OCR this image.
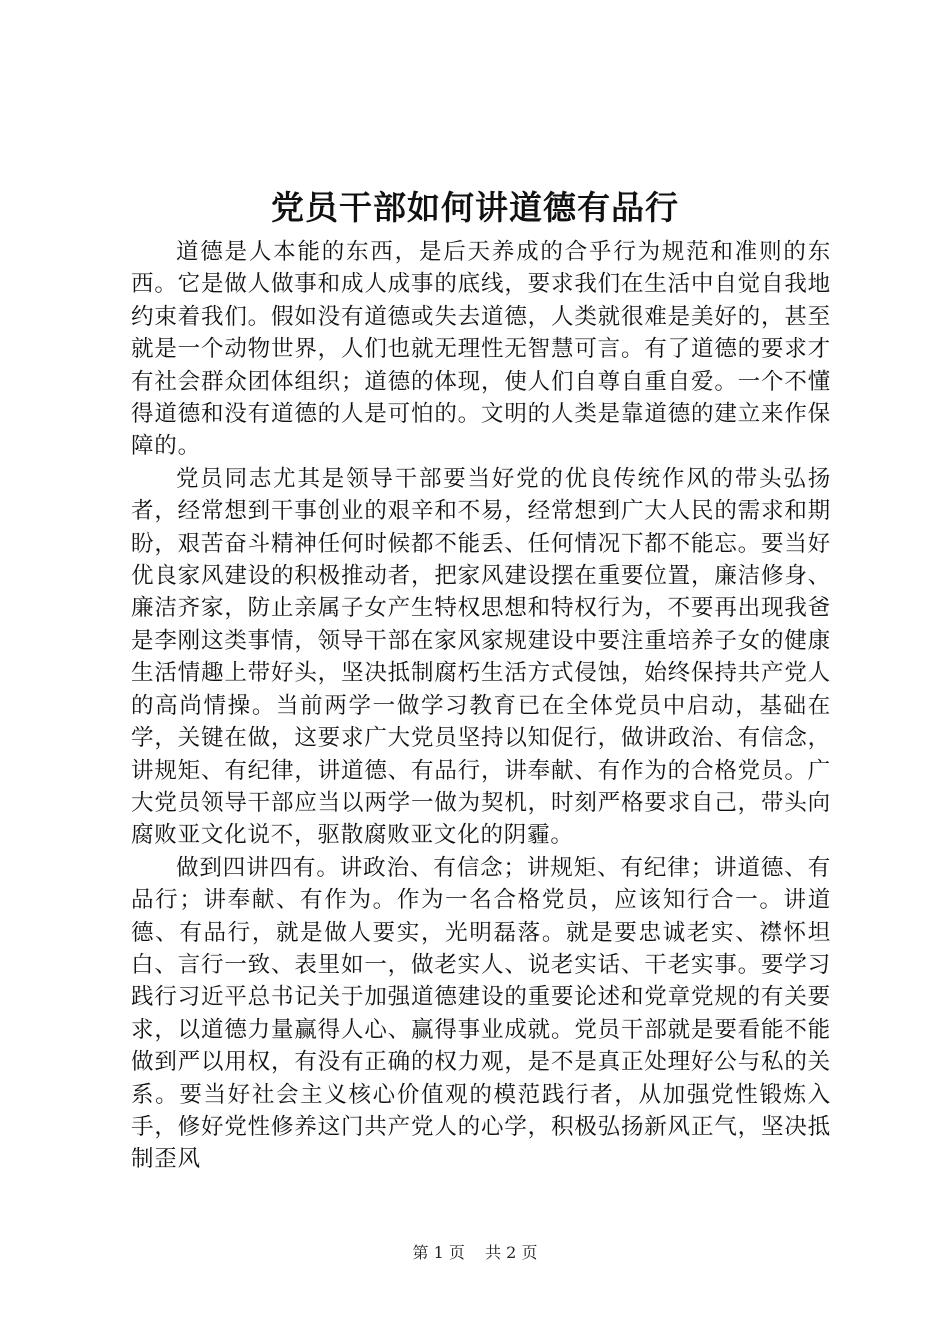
党员干部如何讲道德有品行

道德是人本能的东西，是后天养成的合乎行为规范和准则的东西。它是做人做事和成人成事的底线，要求我们在生活中自觉自我地约束着我们。假如没有道德或失去道德，人类就很难是美好的，甚至就是一个动物世界，人们也就无理性无智慧可言。有了道德的要求才有社会群众团体组织；道德的体现，使人们自尊自重自爱。一个不懂得道德和没有道德的人是可怕的。文明的人类是靠道德的建立来作保障的。

党员同志尤其是领导干部要当好党的优良传统作风的带头弘扬者，经常想到干事创业的艰辛和不易，经常想到广大人民的需求和期盼，艰苦奋斗精神任何时候都不能丢、任何情况下都不能忘。要当好优良家风建设的积极推动者，把家风建设摆在重要位置，廉洁修身、廉洁齐家，防止亲属子女产生特权思想和特权行为，不要再出现我爸是李刚这类事情，领导干部在家风家规建设中要注重培养子女的健康生活情趣上带好头，坚决抵制腐朽生活方式侵蚀，始终保持共产党人的高尚情操。当前两学一做学习教育已在全体党员中启动，基础在学，关键在做，这要求广大党员坚持以知促行，做讲政治、有信念，讲规矩、有纪律，讲道德、有品行，讲奉献、有作为的合格党员。广大党员领导干部应当以两学一做为契机，时刻严格要求自己，带头向腐败亚文化说不，驱散腐败亚文化的阴霾。

做到四讲四有。讲政治、有信念；讲规矩、有纪律；讲道德、有品行；讲奉献、有作为。作为一名合格党员，应该知行合一。讲道德、有品行，就是做人要实，光明磊落。就是要忠诚老实、襟怀坦白、言行一致、表里如一，做老实人、说老实话、干老实事。要学习践行习近平总书记关于加强道德建设的重要论述和党章党规的有关要求，以道德力量赢得人心、赢得事业成就。党员干部就是要看能不能做到严以用权，有没有正确的权力观，是不是真正处理好公与私的关系。要当好社会主义核心价值观的模范践行者，从加强党性锻炼入手，修好党性修养这门共产党人的心学，积极弘扬新风正气，坚决抵制歪风

第 1 页 共 2 页
